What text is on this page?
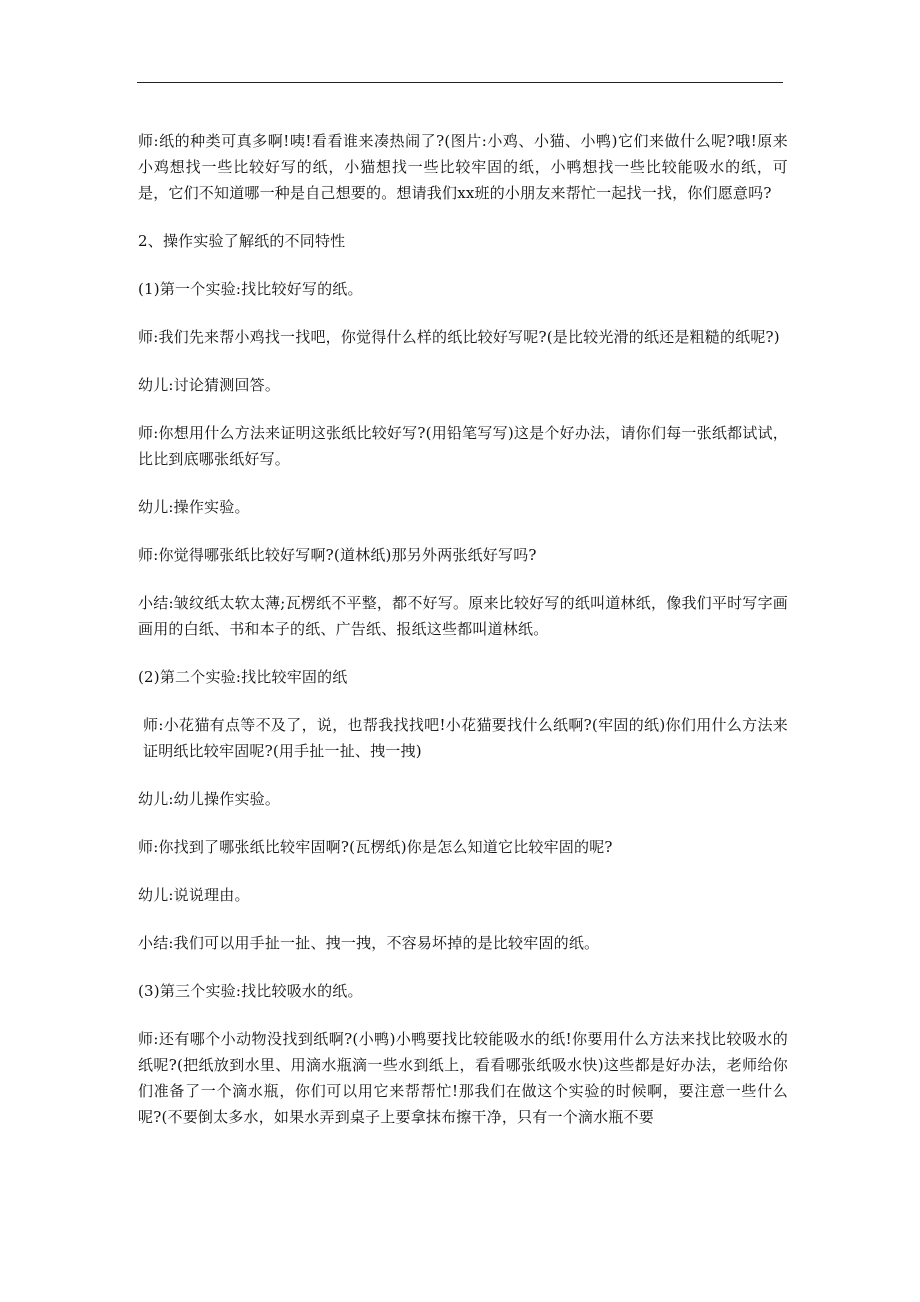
师:纸的种类可真多啊!咦!看看谁来凑热闹了?(图片:小鸡、小猫、小鸭)它们来做什么呢?哦!原来小鸡想找一些比较好写的纸，小猫想找一些比较牢固的纸，小鸭想找一些比较能吸水的纸，可是，它们不知道哪一种是自己想要的。想请我们xx班的小朋友来帮忙一起找一找，你们愿意吗?

2、操作实验了解纸的不同特性

(1)第一个实验:找比较好写的纸。

师:我们先来帮小鸡找一找吧，你觉得什么样的纸比较好写呢?(是比较光滑的纸还是粗糙的纸呢?)

幼儿:讨论猜测回答。

师:你想用什么方法来证明这张纸比较好写?(用铅笔写写)这是个好办法，请你们每一张纸都试试，比比到底哪张纸好写。

幼儿:操作实验。

师:你觉得哪张纸比较好写啊?(道林纸)那另外两张纸好写吗?

小结:皱纹纸太软太薄;瓦楞纸不平整，都不好写。原来比较好写的纸叫道林纸，像我们平时写字画画用的白纸、书和本子的纸、广告纸、报纸这些都叫道林纸。

(2)第二个实验:找比较牢固的纸

师:小花猫有点等不及了，说，也帮我找找吧!小花猫要找什么纸啊?(牢固的纸)你们用什么方法来证明纸比较牢固呢?(用手扯一扯、拽一拽)

幼儿:幼儿操作实验。

师:你找到了哪张纸比较牢固啊?(瓦楞纸)你是怎么知道它比较牢固的呢?

幼儿:说说理由。

小结:我们可以用手扯一扯、拽一拽，不容易坏掉的是比较牢固的纸。

(3)第三个实验:找比较吸水的纸。

师:还有哪个小动物没找到纸啊?(小鸭)小鸭要找比较能吸水的纸!你要用什么方法来找比较吸水的纸呢?(把纸放到水里、用滴水瓶滴一些水到纸上，看看哪张纸吸水快)这些都是好办法，老师给你们准备了一个滴水瓶，你们可以用它来帮帮忙!那我们在做这个实验的时候啊，要注意一些什么呢?(不要倒太多水，如果水弄到桌子上要拿抹布擦干净，只有一个滴水瓶不要
